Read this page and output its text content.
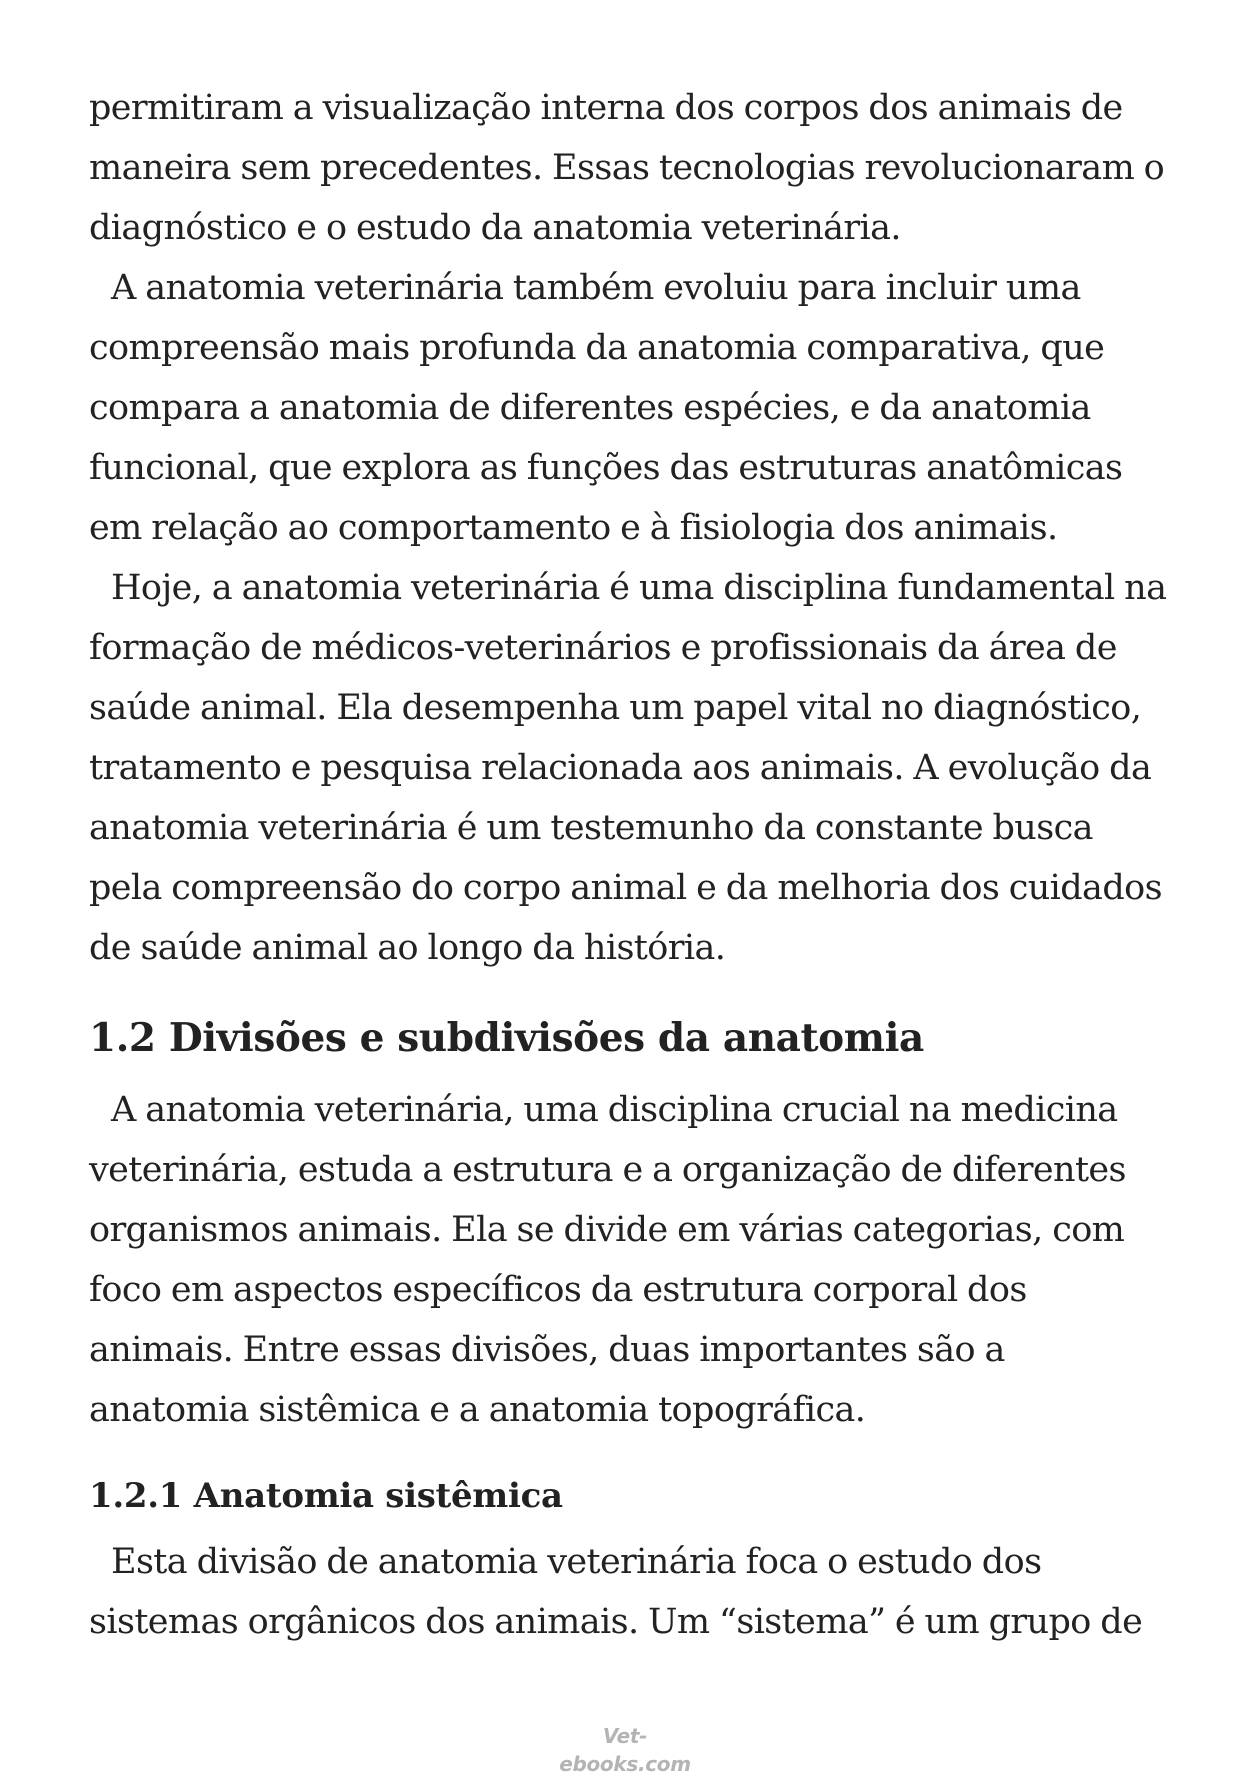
permitiram a visualização interna dos corpos dos animais de maneira sem precedentes. Essas tecnologias revolucionaram o diagnóstico e o estudo da anatomia veterinária.

A anatomia veterinária também evoluiu para incluir uma compreensão mais profunda da anatomia comparativa, que compara a anatomia de diferentes espécies, e da anatomia funcional, que explora as funções das estruturas anatômicas em relação ao comportamento e à fisiologia dos animais.

Hoje, a anatomia veterinária é uma disciplina fundamental na formação de médicos-veterinários e profissionais da área de saúde animal. Ela desempenha um papel vital no diagnóstico, tratamento e pesquisa relacionada aos animais. A evolução da anatomia veterinária é um testemunho da constante busca pela compreensão do corpo animal e da melhoria dos cuidados de saúde animal ao longo da história.

1.2 Divisões e subdivisões da anatomia

A anatomia veterinária, uma disciplina crucial na medicina veterinária, estuda a estrutura e a organização de diferentes organismos animais. Ela se divide em várias categorias, com foco em aspectos específicos da estrutura corporal dos animais. Entre essas divisões, duas importantes são a anatomia sistêmica e a anatomia topográfica.

1.2.1 Anatomia sistêmica

Esta divisão de anatomia veterinária foca o estudo dos sistemas orgânicos dos animais. Um “sistema” é um grupo de

Vet-ebooks.com
